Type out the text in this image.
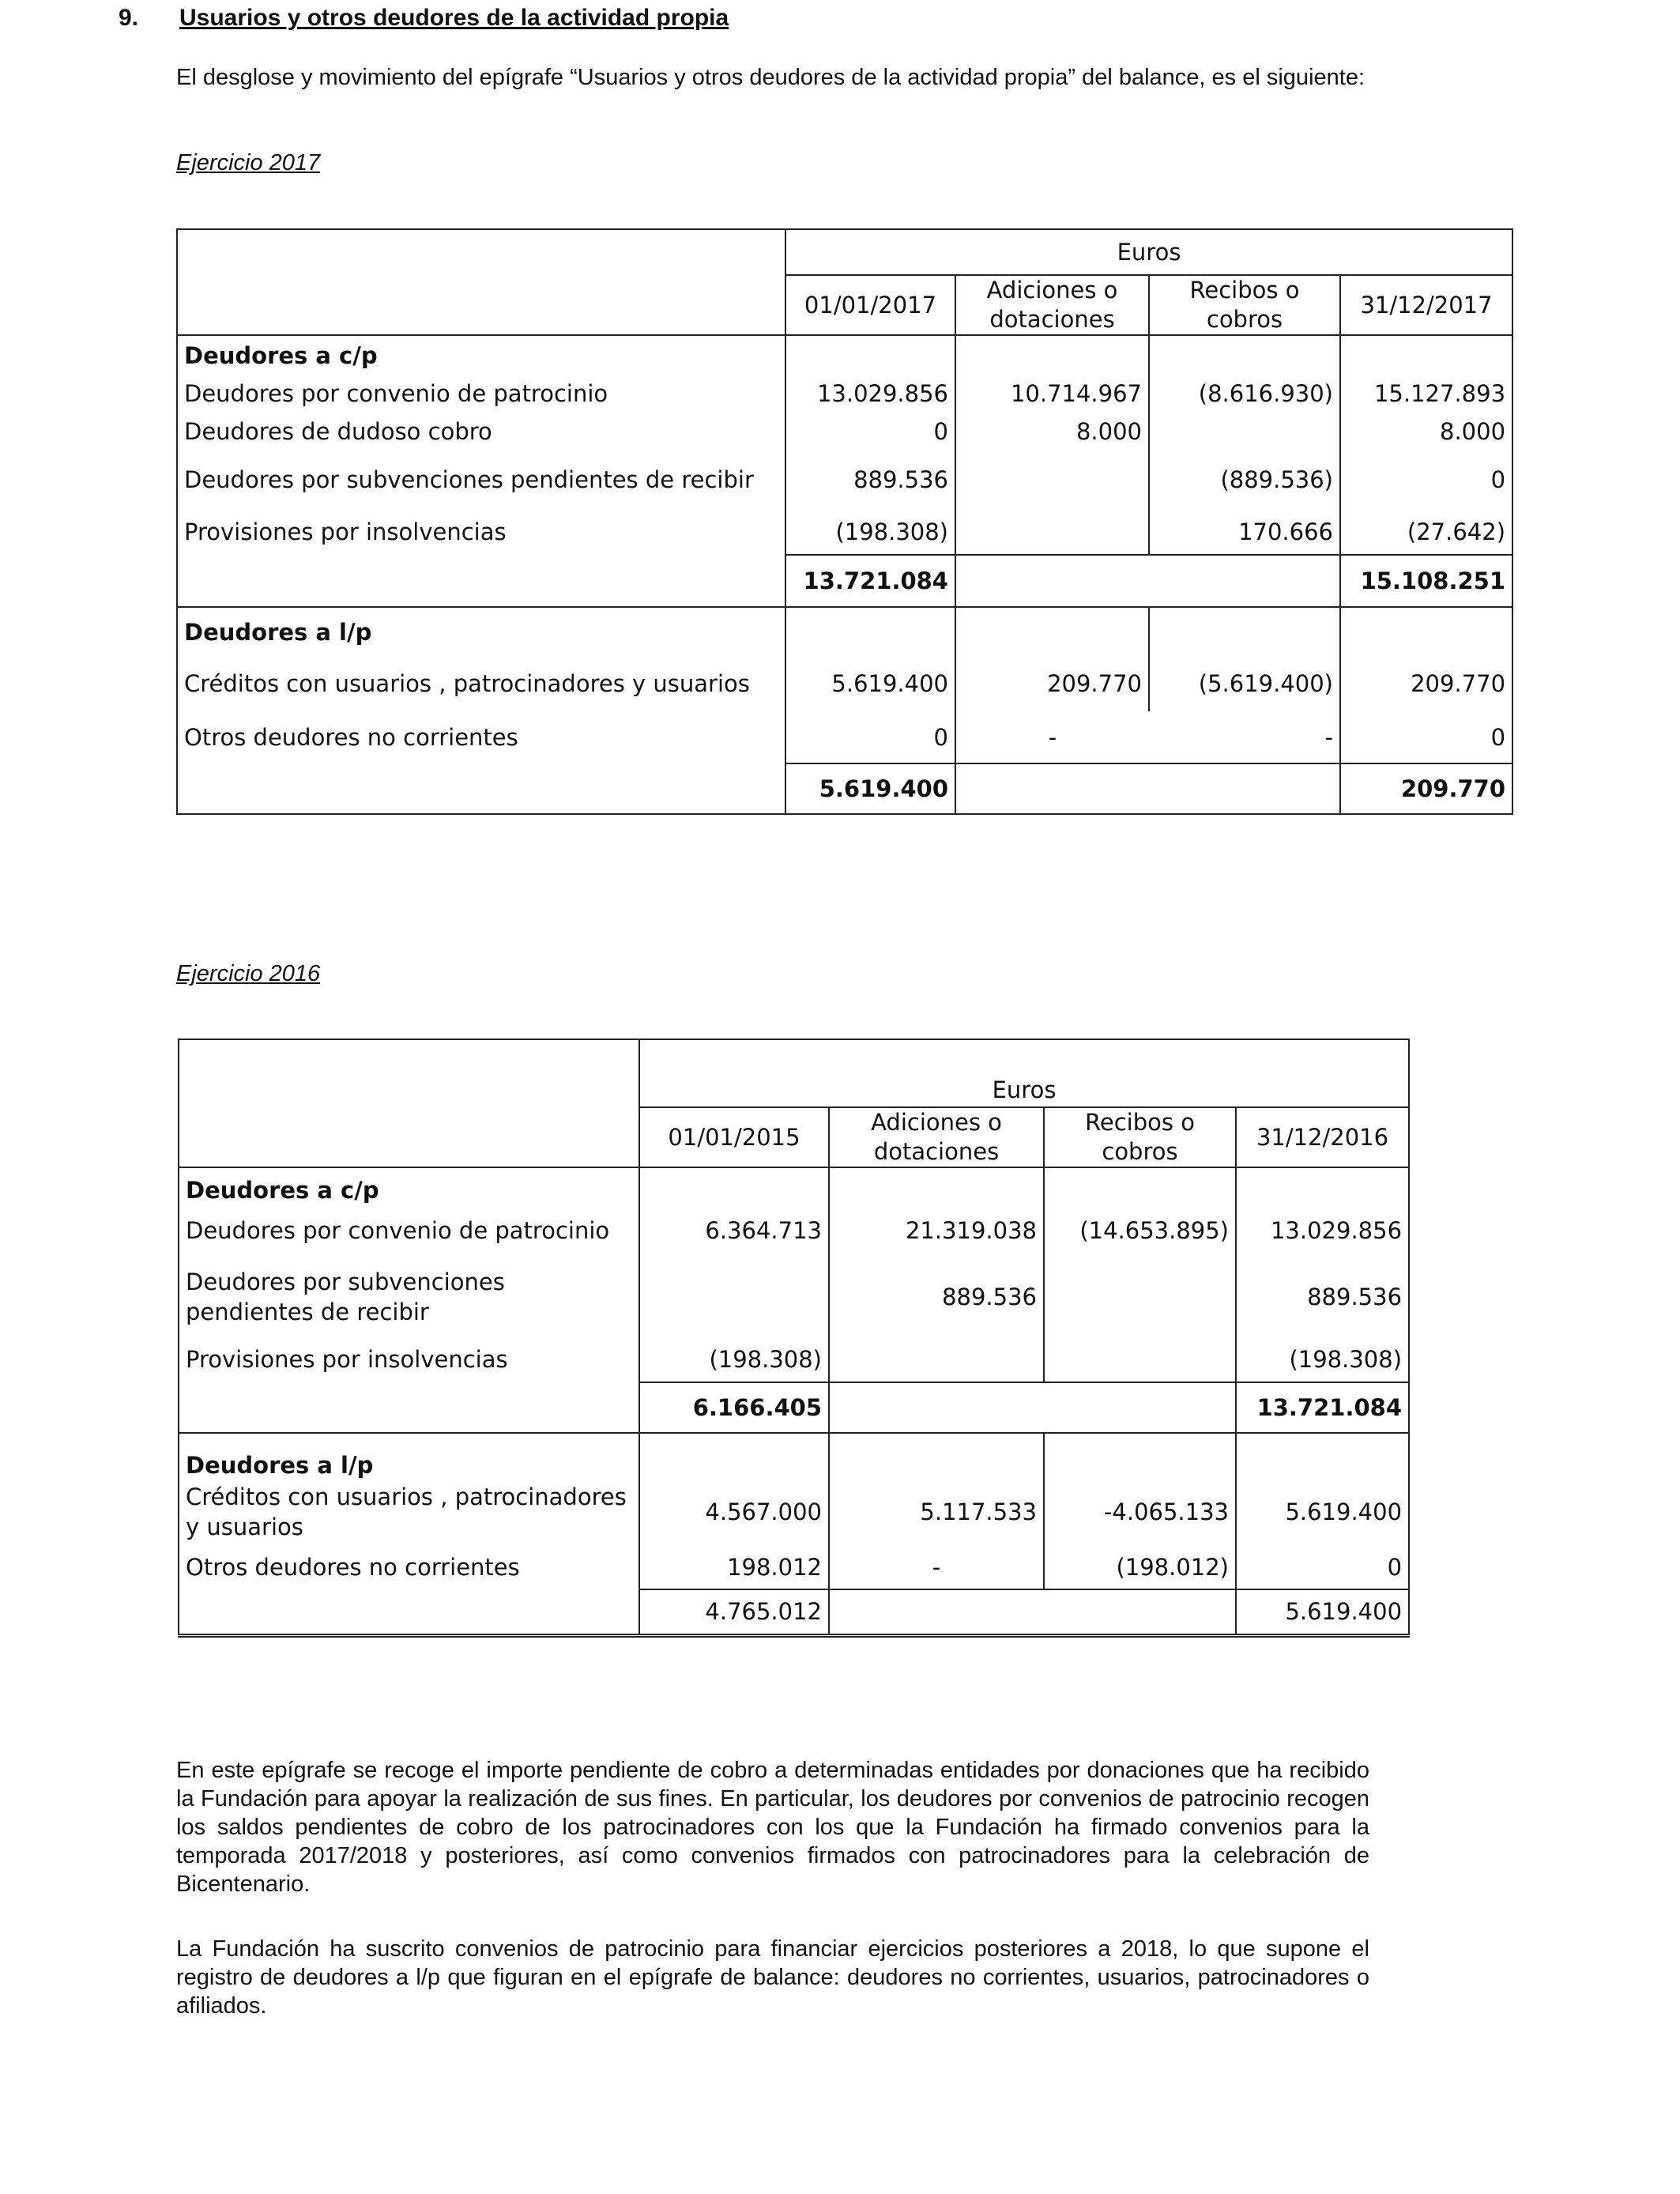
9. Usuarios y otros deudores de la actividad propia
El desglose y movimiento del epígrafe “Usuarios y otros deudores de la actividad propia” del balance, es el siguiente:
Ejercicio 2017
	Euros			
	01/01/2017	Adiciones o dotaciones	Recibos o cobros	31/12/2017
Deudores a c/p				
Deudores por convenio de patrocinio	13.029.856	10.714.967	(8.616.930)	15.127.893
Deudores de dudoso cobro	0	8.000		8.000
Deudores por subvenciones pendientes de recibir	889.536		(889.536)	0
Provisiones por insolvencias	(198.308)		170.666	(27.642)
	13.721.084			15.108.251
Deudores a l/p				
Créditos con usuarios , patrocinadores y usuarios	5.619.400	209.770	(5.619.400)	209.770
Otros deudores no corrientes	0	-	-	0
	5.619.400			209.770
Ejercicio 2016
	Euros			
	01/01/2015	Adiciones o dotaciones	Recibos o cobros	31/12/2016
Deudores a c/p				
Deudores por convenio de patrocinio	6.364.713	21.319.038	(14.653.895)	13.029.856
Deudores por subvenciones pendientes de recibir		889.536		889.536
Provisiones por insolvencias	(198.308)			(198.308)
	6.166.405			13.721.084
Deudores a l/p				
Créditos con usuarios , patrocinadores y usuarios	4.567.000	5.117.533	-4.065.133	5.619.400
Otros deudores no corrientes	198.012	-	(198.012)	0
	4.765.012			5.619.400
En este epígrafe se recoge el importe pendiente de cobro a determinadas entidades por donaciones que ha recibido la Fundación para apoyar la realización de sus fines. En particular, los deudores por convenios de patrocinio recogen los saldos pendientes de cobro de los patrocinadores con los que la Fundación ha firmado convenios para la temporada 2017/2018 y posteriores, así como convenios firmados con patrocinadores para la celebración de Bicentenario.
La Fundación ha suscrito convenios de patrocinio para financiar ejercicios posteriores a 2018, lo que supone el registro de deudores a l/p que figuran en el epígrafe de balance: deudores no corrientes, usuarios, patrocinadores o afiliados.
